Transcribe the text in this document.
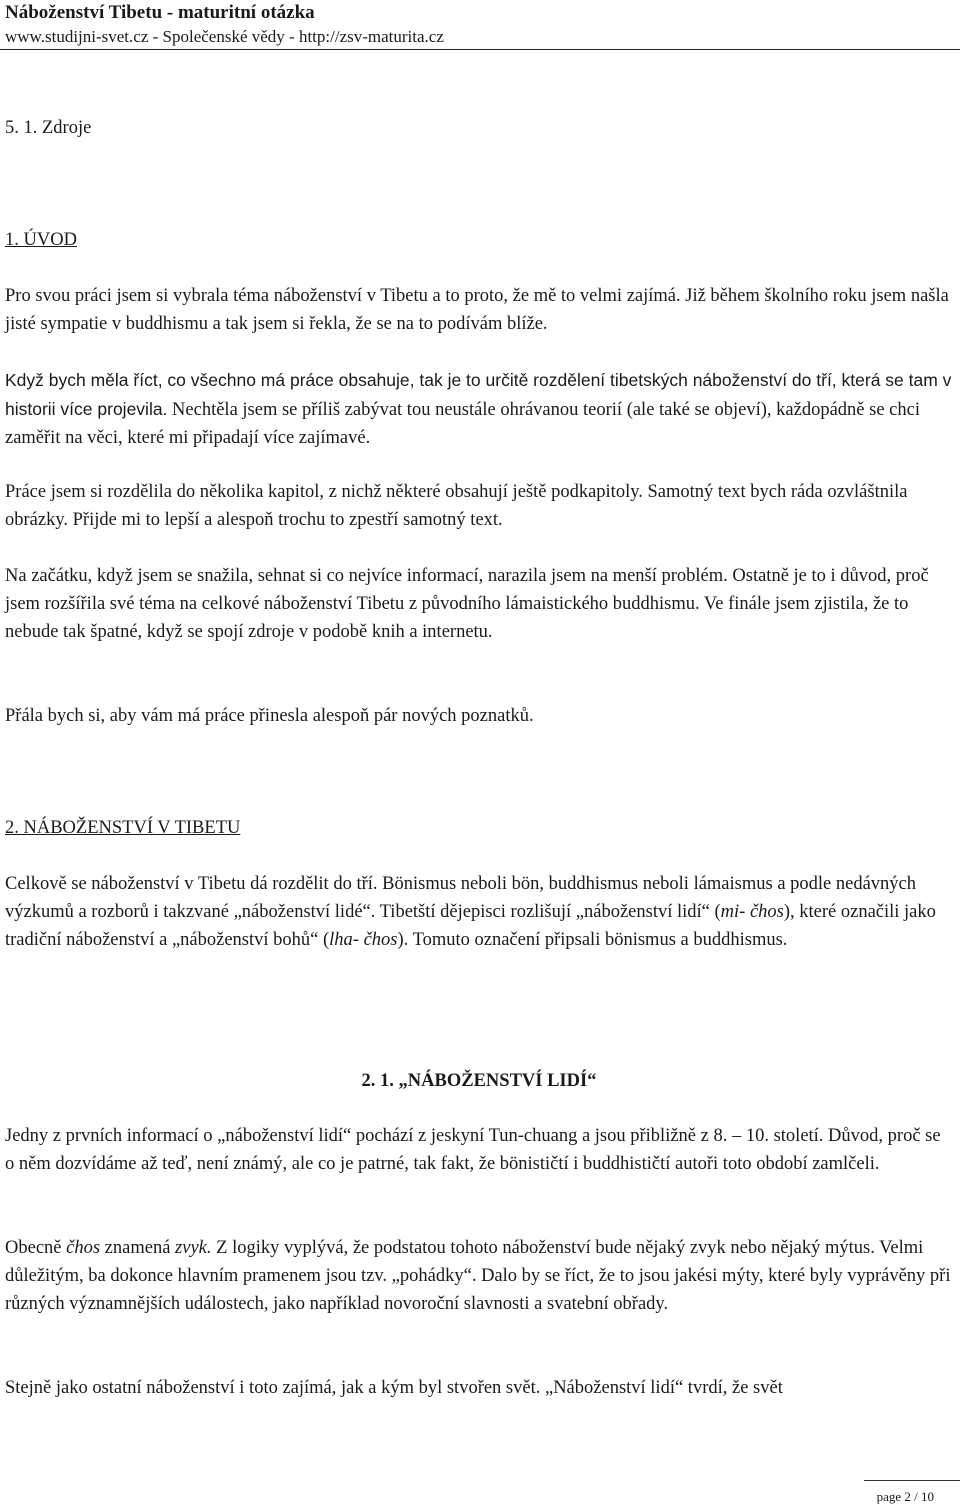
Náboženství Tibetu - maturitní otázka
www.studijni-svet.cz - Společenské vědy - http://zsv-maturita.cz

5. 1. Zdroje

1. ÚVOD

Pro svou práci jsem si vybrala téma náboženství v Tibetu a to proto, že mě to velmi zajímá. Již během školního roku jsem našla jisté sympatie v buddhismu a tak jsem si řekla, že se na to podívám blíže.

Když bych měla říct, co všechno má práce obsahuje, tak je to určitě rozdělení tibetských náboženství do tří, která se tam v historii více projevila. Nechtěla jsem se příliš zabývat tou neustále ohrávanou teorií (ale také se objeví), každopádně se chci zaměřit na věci, které mi připadají více zajímavé.

Práce jsem si rozdělila do několika kapitol, z nichž některé obsahují ještě podkapitoly. Samotný text bych ráda ozvláštnila obrázky. Přijde mi to lepší a alespoň trochu to zpestří samotný text.

Na začátku, když jsem se snažila, sehnat si co nejvíce informací, narazila jsem na menší problém. Ostatně je to i důvod, proč jsem rozšířila své téma na celkové náboženství Tibetu z původního lámaistického buddhismu. Ve finále jsem zjistila, že to nebude tak špatné, když se spojí zdroje v podobě knih a internetu.

Přála bych si, aby vám má práce přinesla alespoň pár nových poznatků.

2. NÁBOŽENSTVÍ V TIBETU

Celkově se náboženství v Tibetu dá rozdělit do tří. Bönismus neboli bön, buddhismus neboli lámaismus a podle nedávných výzkumů a rozborů i takzvané „náboženství lidé“. Tibetští dějepisci rozlišují „náboženství lidí“ (mi- čhos), které označili jako tradiční náboženství a „náboženství bohů“ (lha- čhos). Tomuto označení připsali bönismus a buddhismus.

2. 1. „NÁBOŽENSTVÍ LIDÍ“

Jedny z prvních informací o „náboženství lidí“ pochází z jeskyní Tun-chuang a jsou přibližně z 8. – 10. století. Důvod, proč se o něm dozvídáme až teď, není známý, ale co je patrné, tak fakt, že bönističtí i buddhističtí autoři toto období zamlčeli.

Obecně čhos znamená zvyk. Z logiky vyplývá, že podstatou tohoto náboženství bude nějaký zvyk nebo nějaký mýtus. Velmi důležitým, ba dokonce hlavním pramenem jsou tzv. „pohádky“. Dalo by se říct, že to jsou jakési mýty, které byly vyprávěny při různých významnějších událostech, jako například novoroční slavnosti a svatební obřady.

Stejně jako ostatní náboženství i toto zajímá, jak a kým byl stvořen svět. „Náboženství lidí“ tvrdí, že svět

page 2 / 10
